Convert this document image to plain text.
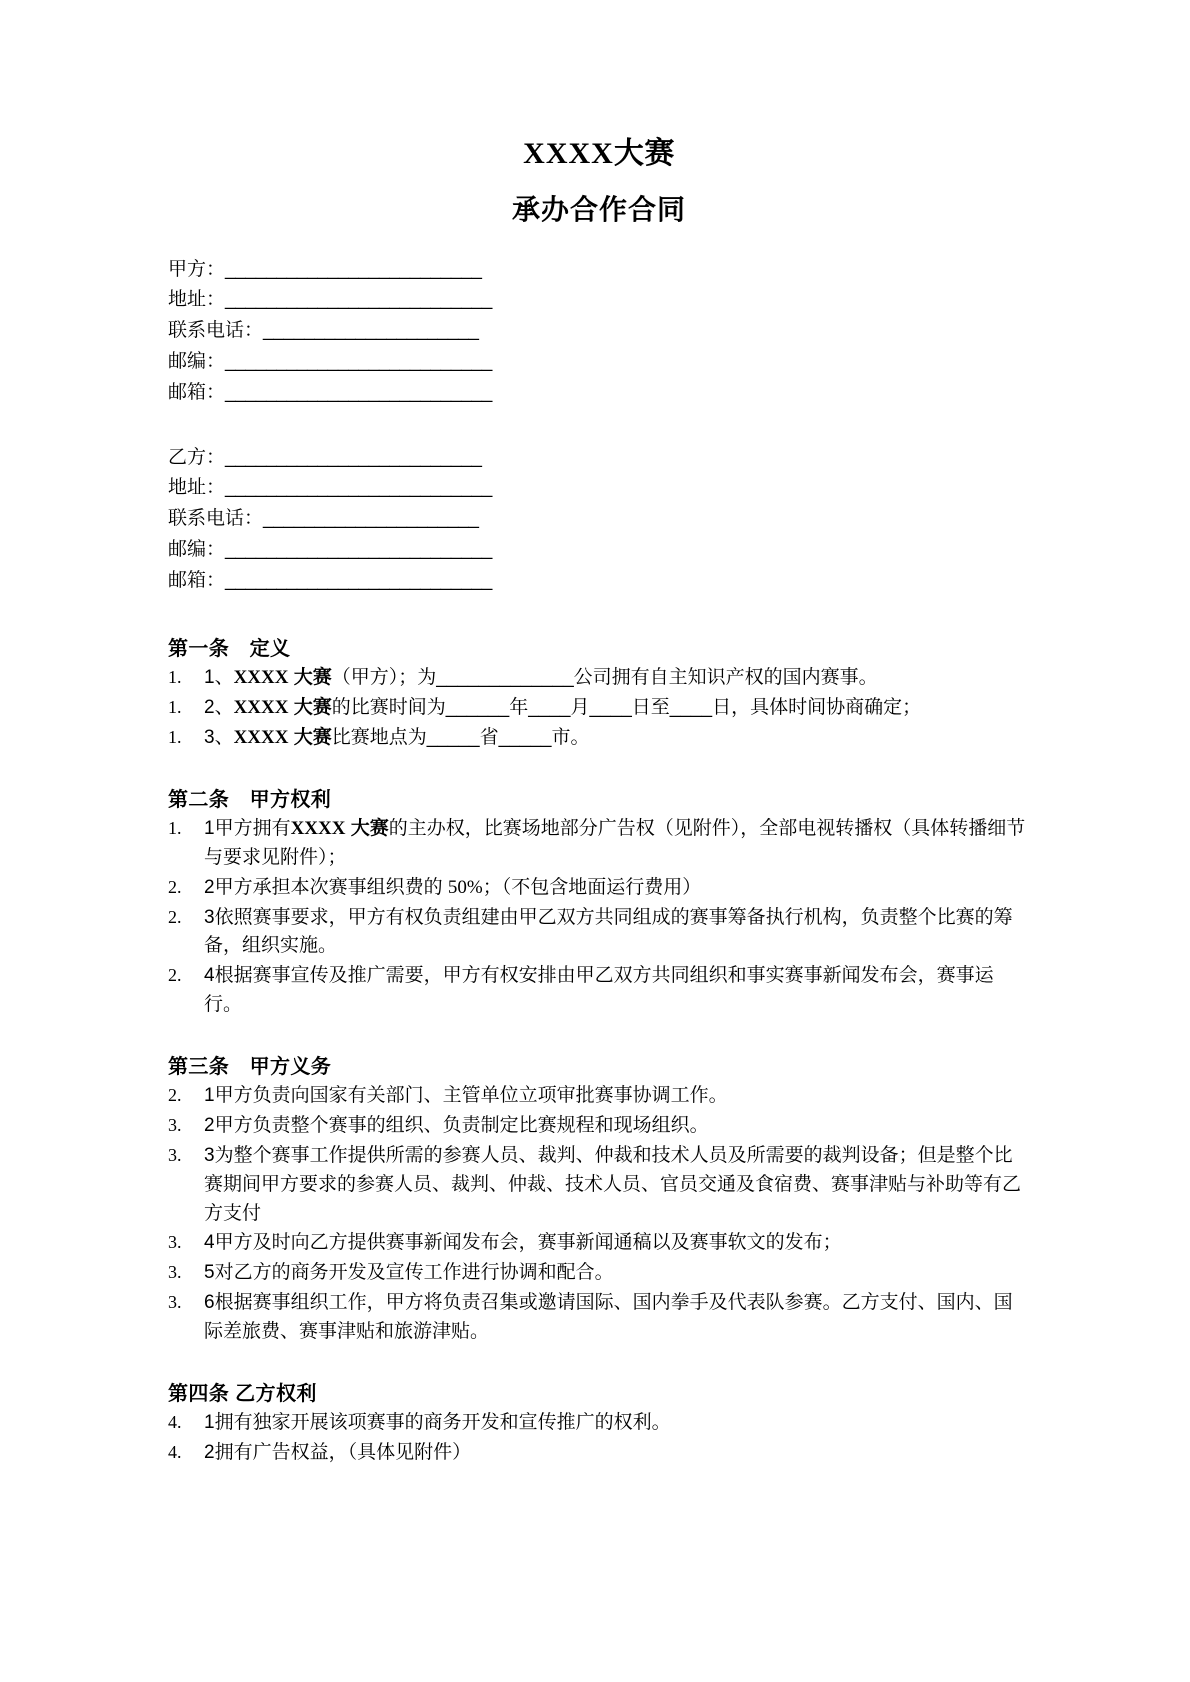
XXXX大赛
承办合作合同
甲方：_________________________
地址：__________________________
联系电话：_____________________
邮编：__________________________
邮箱：__________________________
乙方：_________________________
地址：__________________________
联系电话：_____________________
邮编：__________________________
邮箱：__________________________
第一条　定义
1.	1、XXXX 大赛（甲方）；为_____________公司拥有自主知识产权的国内赛事。
1.	2、XXXX 大赛的比赛时间为______年____月____日至____日，具体时间协商确定；
1.	3、XXXX 大赛比赛地点为_____省_____市。
第二条　甲方权利
1.	1甲方拥有XXXX 大赛的主办权，比赛场地部分广告权（见附件），全部电视转播权（具体转播细节与要求见附件）；
2.	2甲方承担本次赛事组织费的 50%；（不包含地面运行费用）
2.	3依照赛事要求，甲方有权负责组建由甲乙双方共同组成的赛事筹备执行机构，负责整个比赛的筹备，组织实施。
2.	4根据赛事宣传及推广需要，甲方有权安排由甲乙双方共同组织和事实赛事新闻发布会，赛事运行。
第三条　甲方义务
2.	1甲方负责向国家有关部门、主管单位立项审批赛事协调工作。
3.	2甲方负责整个赛事的组织、负责制定比赛规程和现场组织。
3.	3为整个赛事工作提供所需的参赛人员、裁判、仲裁和技术人员及所需要的裁判设备；但是整个比赛期间甲方要求的参赛人员、裁判、仲裁、技术人员、官员交通及食宿费、赛事津贴与补助等有乙方支付
3.	4甲方及时向乙方提供赛事新闻发布会，赛事新闻通稿以及赛事软文的发布；
3.	5对乙方的商务开发及宣传工作进行协调和配合。
3.	6根据赛事组织工作，甲方将负责召集或邀请国际、国内拳手及代表队参赛。乙方支付、国内、国际差旅费、赛事津贴和旅游津贴。
第四条 乙方权利
4.	1拥有独家开展该项赛事的商务开发和宣传推广的权利。
4.	2拥有广告权益，（具体见附件）
